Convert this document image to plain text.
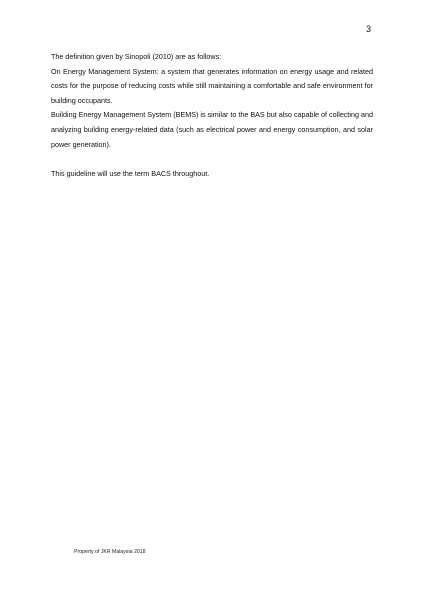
3

The definition given by Sinopoli (2010) are as follows:

On Energy Management System: a system that generates information on energy usage and related costs for the purpose of reducing costs while still maintaining a comfortable and safe environment for building occupants.

Building Energy Management System (BEMS) is similar to the BAS but also capable of collecting and analyzing building energy-related data (such as electrical power and energy consumption, and solar power generation).

This guideline will use the term BACS throughout.

Property of JKR Malaysia 2018
